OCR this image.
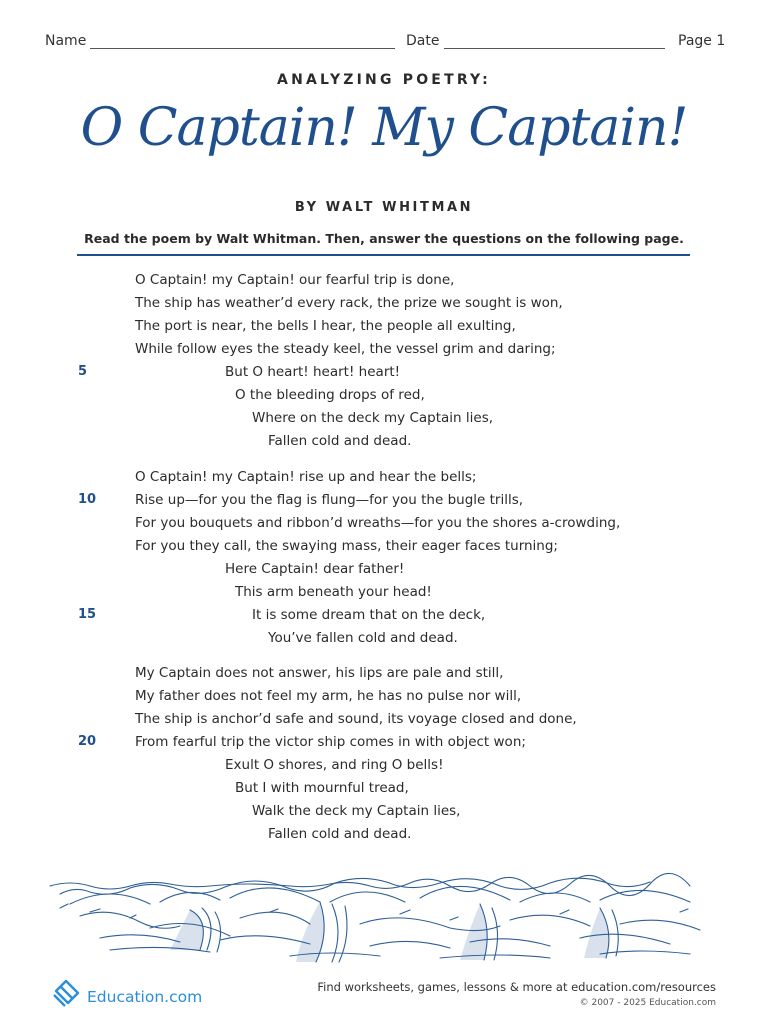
Name	Date	Page 1
ANALYZING POETRY:
O Captain! My Captain!
BY WALT WHITMAN
Read the poem by Walt Whitman. Then, answer the questions on the following page.
O Captain! my Captain! our fearful trip is done,
The ship has weather’d every rack, the prize we sought is won,
The port is near, the bells I hear, the people all exulting,
While follow eyes the steady keel, the vessel grim and daring;
But O heart! heart! heart!
O the bleeding drops of red,
Where on the deck my Captain lies,
Fallen cold and dead.
O Captain! my Captain! rise up and hear the bells;
Rise up—for you the flag is flung—for you the bugle trills,
For you bouquets and ribbon’d wreaths—for you the shores a-crowding,
For you they call, the swaying mass, their eager faces turning;
Here Captain! dear father!
This arm beneath your head!
It is some dream that on the deck,
You’ve fallen cold and dead.
My Captain does not answer, his lips are pale and still,
My father does not feel my arm, he has no pulse nor will,
The ship is anchor’d safe and sound, its voyage closed and done,
From fearful trip the victor ship comes in with object won;
Exult O shores, and ring O bells!
But I with mournful tread,
Walk the deck my Captain lies,
Fallen cold and dead.
5
10
15
20
Education.com
Find worksheets, games, lessons & more at education.com/resources
© 2007 - 2025 Education.com
